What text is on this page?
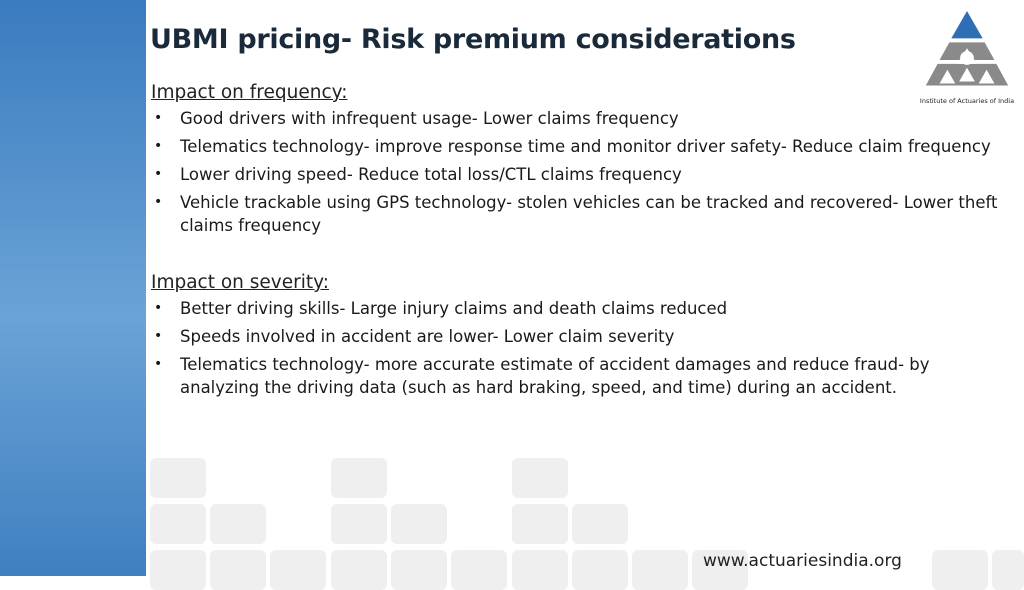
UBMI pricing- Risk premium considerations
Institute of Actuaries of India
Impact on frequency:
• Good drivers with infrequent usage- Lower claims frequency
• Telematics technology- improve response time and monitor driver safety- Reduce claim frequency
• Lower driving speed- Reduce total loss/CTL claims frequency
• Vehicle trackable using GPS technology- stolen vehicles can be tracked and recovered- Lower theft claims frequency
Impact on severity:
• Better driving skills- Large injury claims and death claims reduced
• Speeds involved in accident are lower- Lower claim severity
• Telematics technology- more accurate estimate of accident damages and reduce fraud- by analyzing the driving data (such as hard braking, speed, and time) during an accident.
www.actuariesindia.org
